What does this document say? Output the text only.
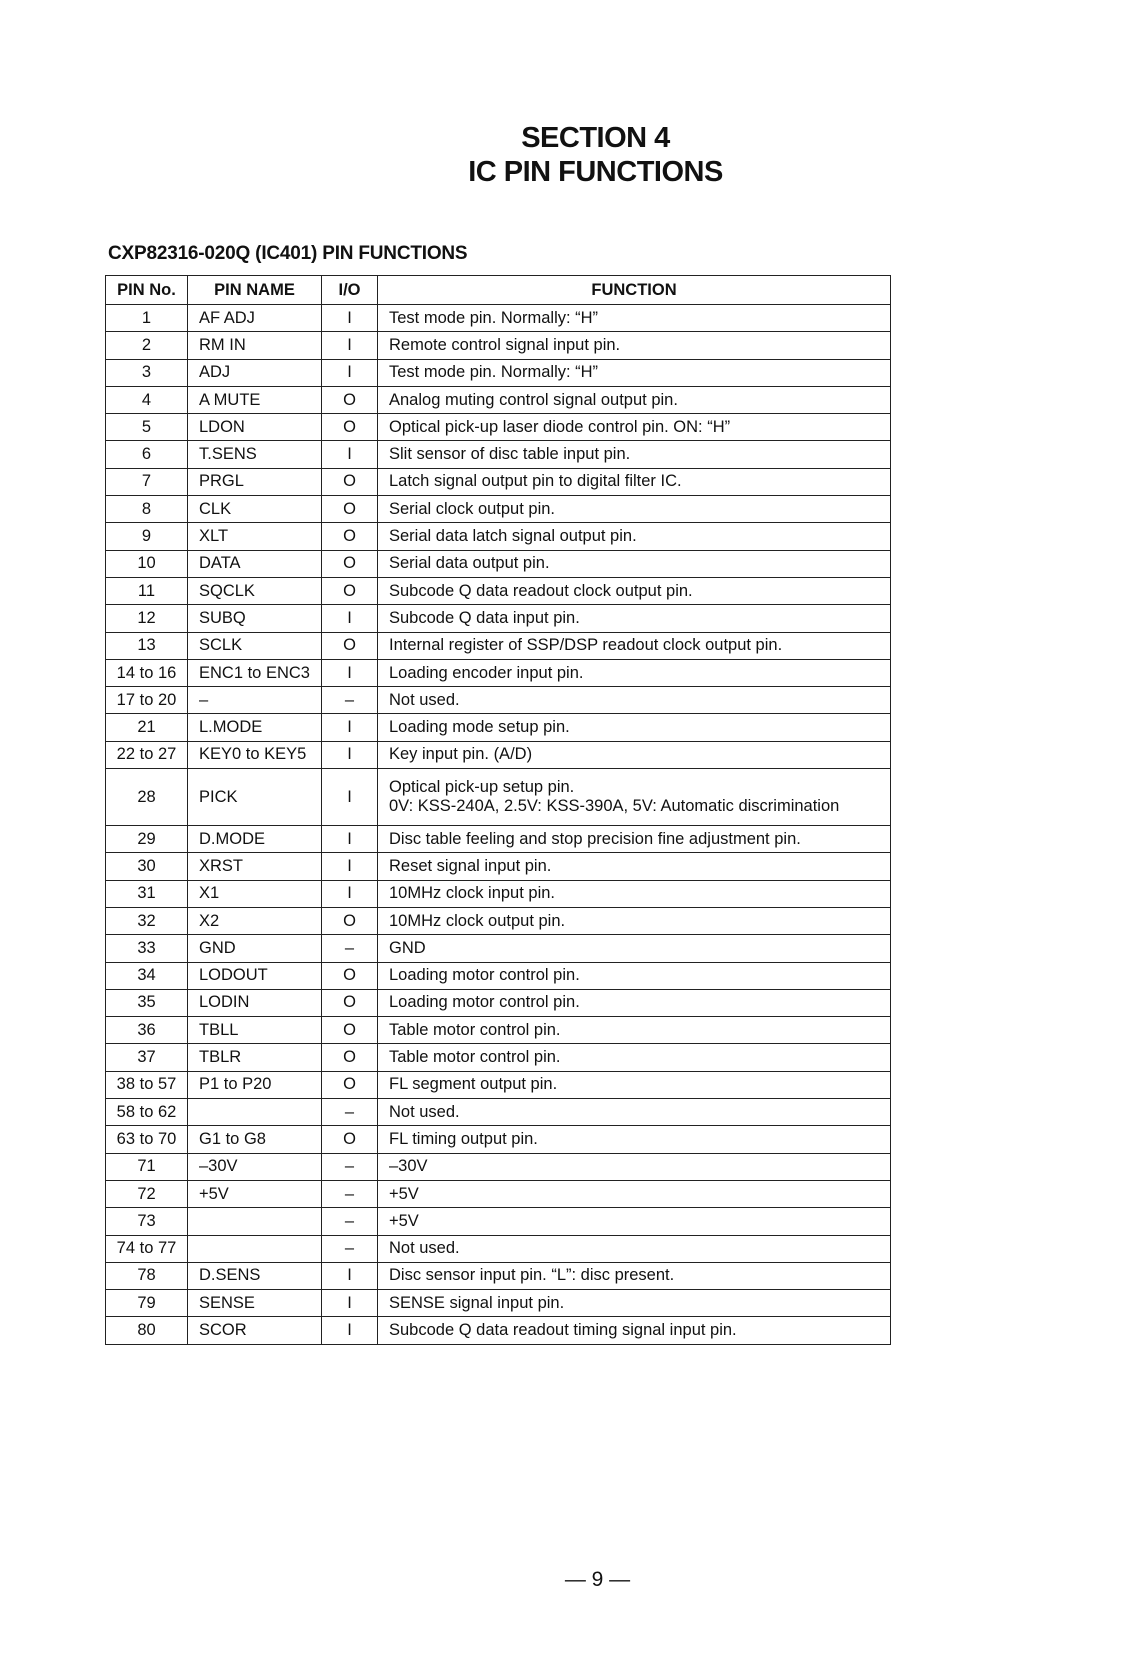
SECTION 4
IC PIN FUNCTIONS
CXP82316-020Q (IC401) PIN FUNCTIONS
PIN No.	PIN NAME	I/O	FUNCTION
1	AF ADJ	I	Test mode pin. Normally: “H”

2	RM IN	I	Remote control signal input pin.

3	ADJ	I	Test mode pin. Normally: “H”

4	A MUTE	O	Analog muting control signal output pin.

5	LDON	O	Optical pick-up laser diode control pin. ON: “H”

6	T.SENS	I	Slit sensor of disc table input pin.

7	PRGL	O	Latch signal output pin to digital filter IC.

8	CLK	O	Serial clock output pin.

9	XLT	O	Serial data latch signal output pin.

10	DATA	O	Serial data output pin.

11	SQCLK	O	Subcode Q data readout clock output pin.

12	SUBQ	I	Subcode Q data input pin.

13	SCLK	O	Internal register of SSP/DSP readout clock output pin.

14 to 16	ENC1 to ENC3	I	Loading encoder input pin.

17 to 20	–	–	Not used.

21	L.MODE	I	Loading mode setup pin.

22 to 27	KEY0 to KEY5	I	Key input pin. (A/D)

28	PICK	I	Optical pick-up setup pin.
0V: KSS-240A, 2.5V: KSS-390A, 5V: Automatic discrimination

29	D.MODE	I	Disc table feeling and stop precision fine adjustment pin.

30	XRST	I	Reset signal input pin.

31	X1	I	10MHz clock input pin.

32	X2	O	10MHz clock output pin.

33	GND	–	GND

34	LODOUT	O	Loading motor control pin.

35	LODIN	O	Loading motor control pin.

36	TBLL	O	Table motor control pin.

37	TBLR	O	Table motor control pin.

38 to 57	P1 to P20	O	FL segment output pin.

58 to 62		–	Not used.

63 to 70	G1 to G8	O	FL timing output pin.

71	–30V	–	–30V

72	+5V	–	+5V

73		–	+5V

74 to 77		–	Not used.

78	D.SENS	I	Disc sensor input pin. “L”: disc present.

79	SENSE	I	SENSE signal input pin.

80	SCOR	I	Subcode Q data readout timing signal input pin.
— 9 —
